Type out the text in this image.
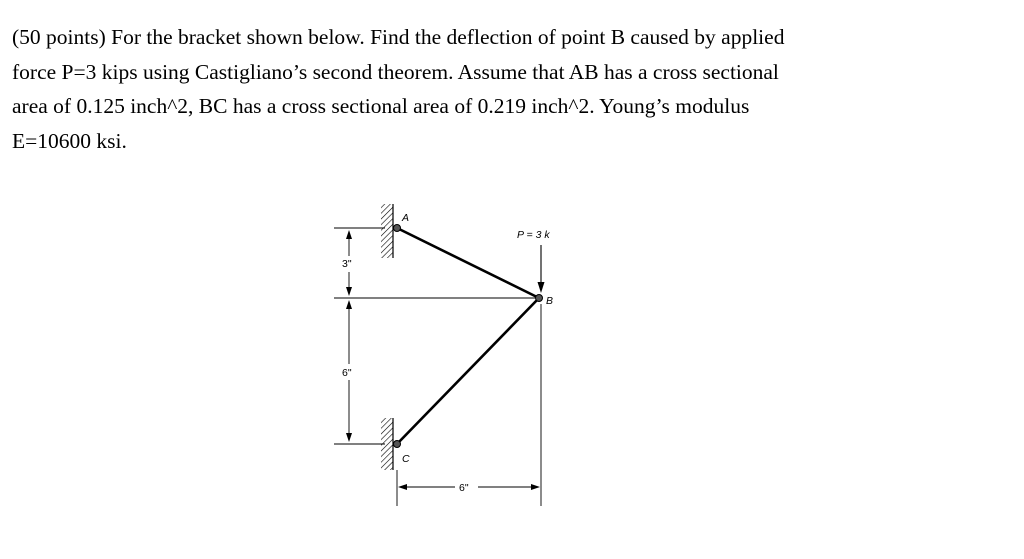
(50 points) For the bracket shown below. Find the deflection of point B caused by applied
force P=3 kips using Castigliano’s second theorem. Assume that AB has a cross sectional
area of 0.125 inch^2, BC has a cross sectional area of 0.219 inch^2. Young’s modulus
E=10600 ksi.
3"
6"
6"
P = 3 k
A
B
C
